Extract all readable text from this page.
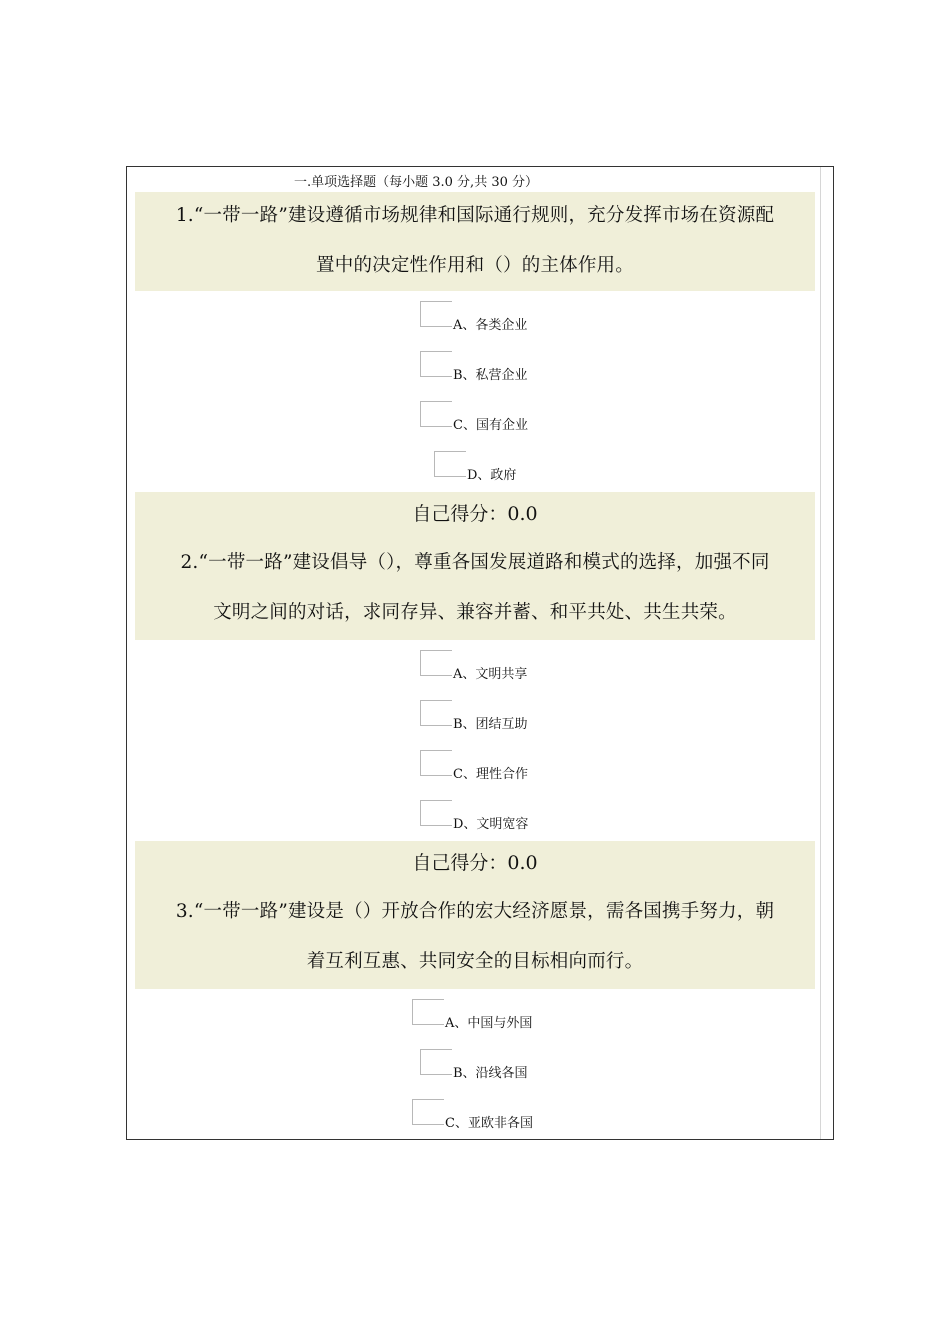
一.单项选择题（每小题 3.0 分,共 30 分）
1.“一带一路”建设遵循市场规律和国际通行规则，充分发挥市场在资源配
置中的决定性作用和（）的主体作用。
A、各类企业
B、私营企业
C、国有企业
D、政府
自己得分：0.0
2.“一带一路”建设倡导（），尊重各国发展道路和模式的选择，加强不同
文明之间的对话，求同存异、兼容并蓄、和平共处、共生共荣。
A、文明共享
B、团结互助
C、理性合作
D、文明宽容
自己得分：0.0
3.“一带一路”建设是（）开放合作的宏大经济愿景，需各国携手努力，朝
着互利互惠、共同安全的目标相向而行。
A、中国与外国
B、沿线各国
C、亚欧非各国
